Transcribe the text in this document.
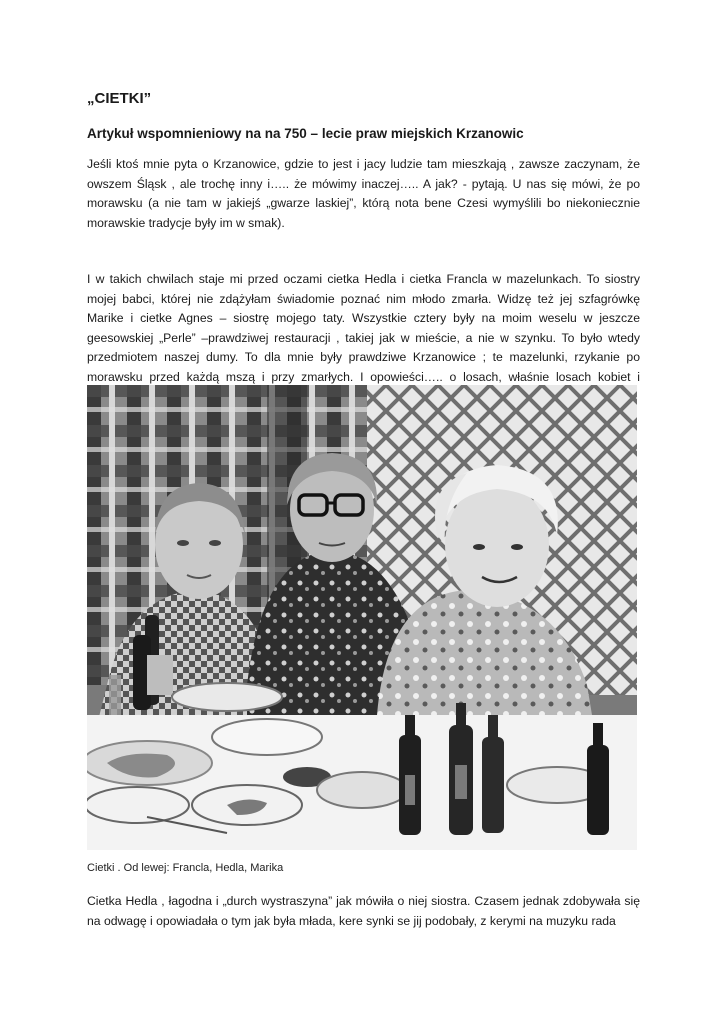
„CIETKI”
Artykuł wspomnieniowy na na 750 – lecie praw miejskich Krzanowic

Jeśli ktoś mnie pyta o Krzanowice, gdzie to jest i jacy ludzie tam mieszkają , zawsze zaczynam, że owszem Śląsk , ale trochę inny i….. że mówimy inaczej….. A jak? - pytają. U nas się mówi, że po morawsku (a nie tam w jakiejś „gwarze laskiej”, którą nota bene Czesi wymyślili bo niekoniecznie morawskie tradycje były im w smak).

I w takich chwilach staje mi przed oczami cietka Hedla i cietka Francla w mazelunkach. To siostry mojej babci, której nie zdążyłam świadomie poznać nim młodo zmarła. Widzę też jej szfagrówkę Marike i cietke Agnes – siostrę mojego taty. Wszystkie cztery były na moim weselu w jeszcze geesowskiej „Perle” –prawdziwej restauracji , takiej jak w mieście, a nie w szynku. To było wtedy przedmiotem naszej dumy. To dla mnie były prawdziwe Krzanowice ; te mazelunki, rzykanie po morawsku przed każdą mszą i przy zmarłych. I opowieści….. o losach, właśnie losach kobiet i

Cietki . Od lewej: Francla, Hedla, Marika

Cietka Hedla , łagodna i „durch wystraszyna” jak mówiła o niej siostra. Czasem jednak zdobywała się na odwagę i opowiadała o tym jak była młada, kere synki se jij podobały, z kerymi na muzyku rada
